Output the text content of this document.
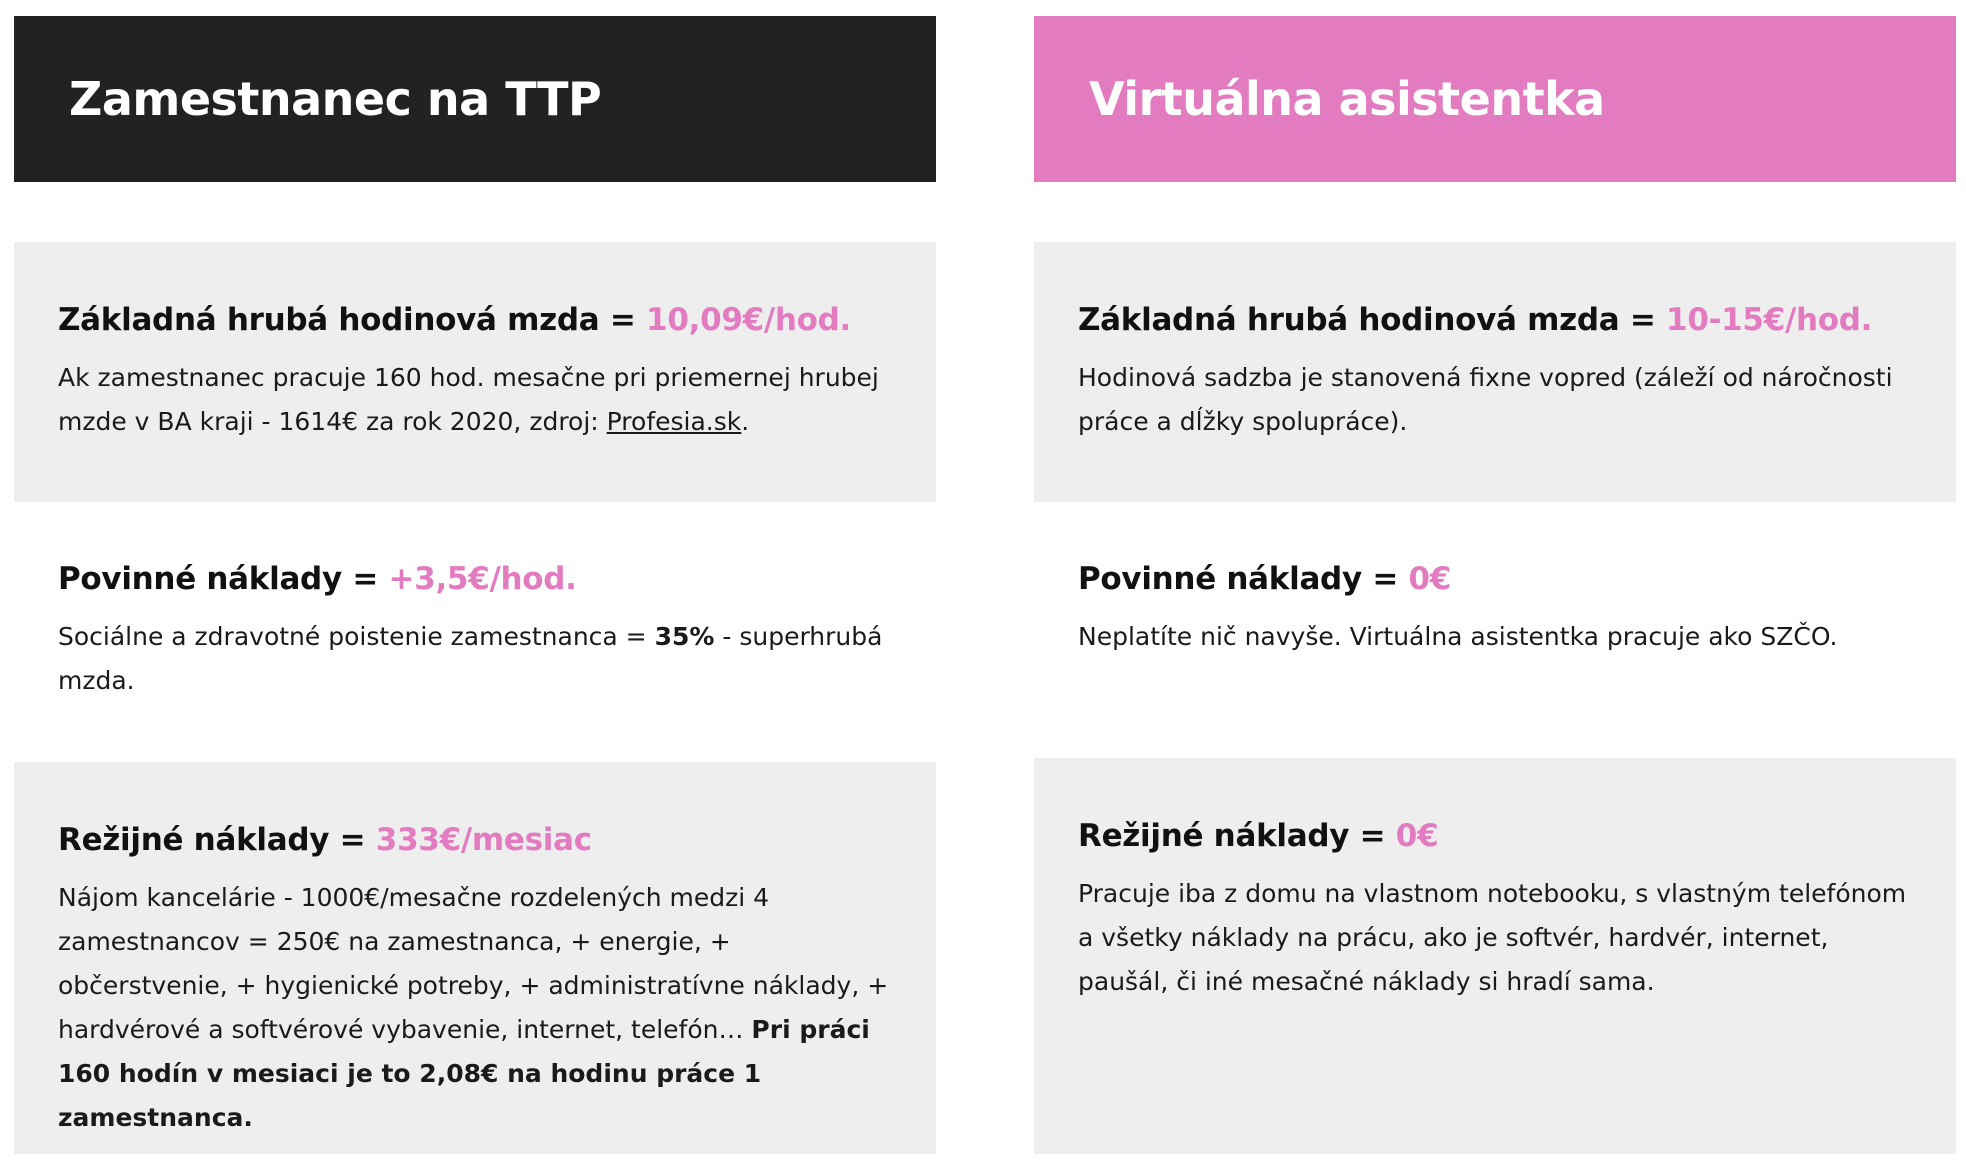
Zamestnanec na TTP
Základná hrubá hodinová mzda = 10,09€/hod.

Ak zamestnanec pracuje 160 hod. mesačne pri priemernej hrubej mzde v BA kraji - 1614€ za rok 2020, zdroj: Profesia.sk.

Povinné náklady = +3,5€/hod.

Sociálne a zdravotné poistenie zamestnanca = 35% - superhrubá mzda.

Režijné náklady = 333€/mesiac

Nájom kancelárie - 1000€/mesačne rozdelených medzi 4 zamestnancov = 250€ na zamestnanca, + energie, + občerstvenie, + hygienické potreby, + administratívne náklady, + hardvérové a softvérové vybavenie, internet, telefón… Pri práci 160 hodín v mesiaci je to 2,08€ na hodinu práce 1 zamestnanca.

Virtuálna asistentka
Základná hrubá hodinová mzda = 10-15€/hod.

Hodinová sadzba je stanovená fixne vopred (záleží od náročnosti práce a dĺžky spolupráce).

Povinné náklady = 0€

Neplatíte nič navyše. Virtuálna asistentka pracuje ako SZČO.

Režijné náklady = 0€

Pracuje iba z domu na vlastnom notebooku, s vlastným telefónom a všetky náklady na prácu, ako je softvér, hardvér, internet, paušál, či iné mesačné náklady si hradí sama.
